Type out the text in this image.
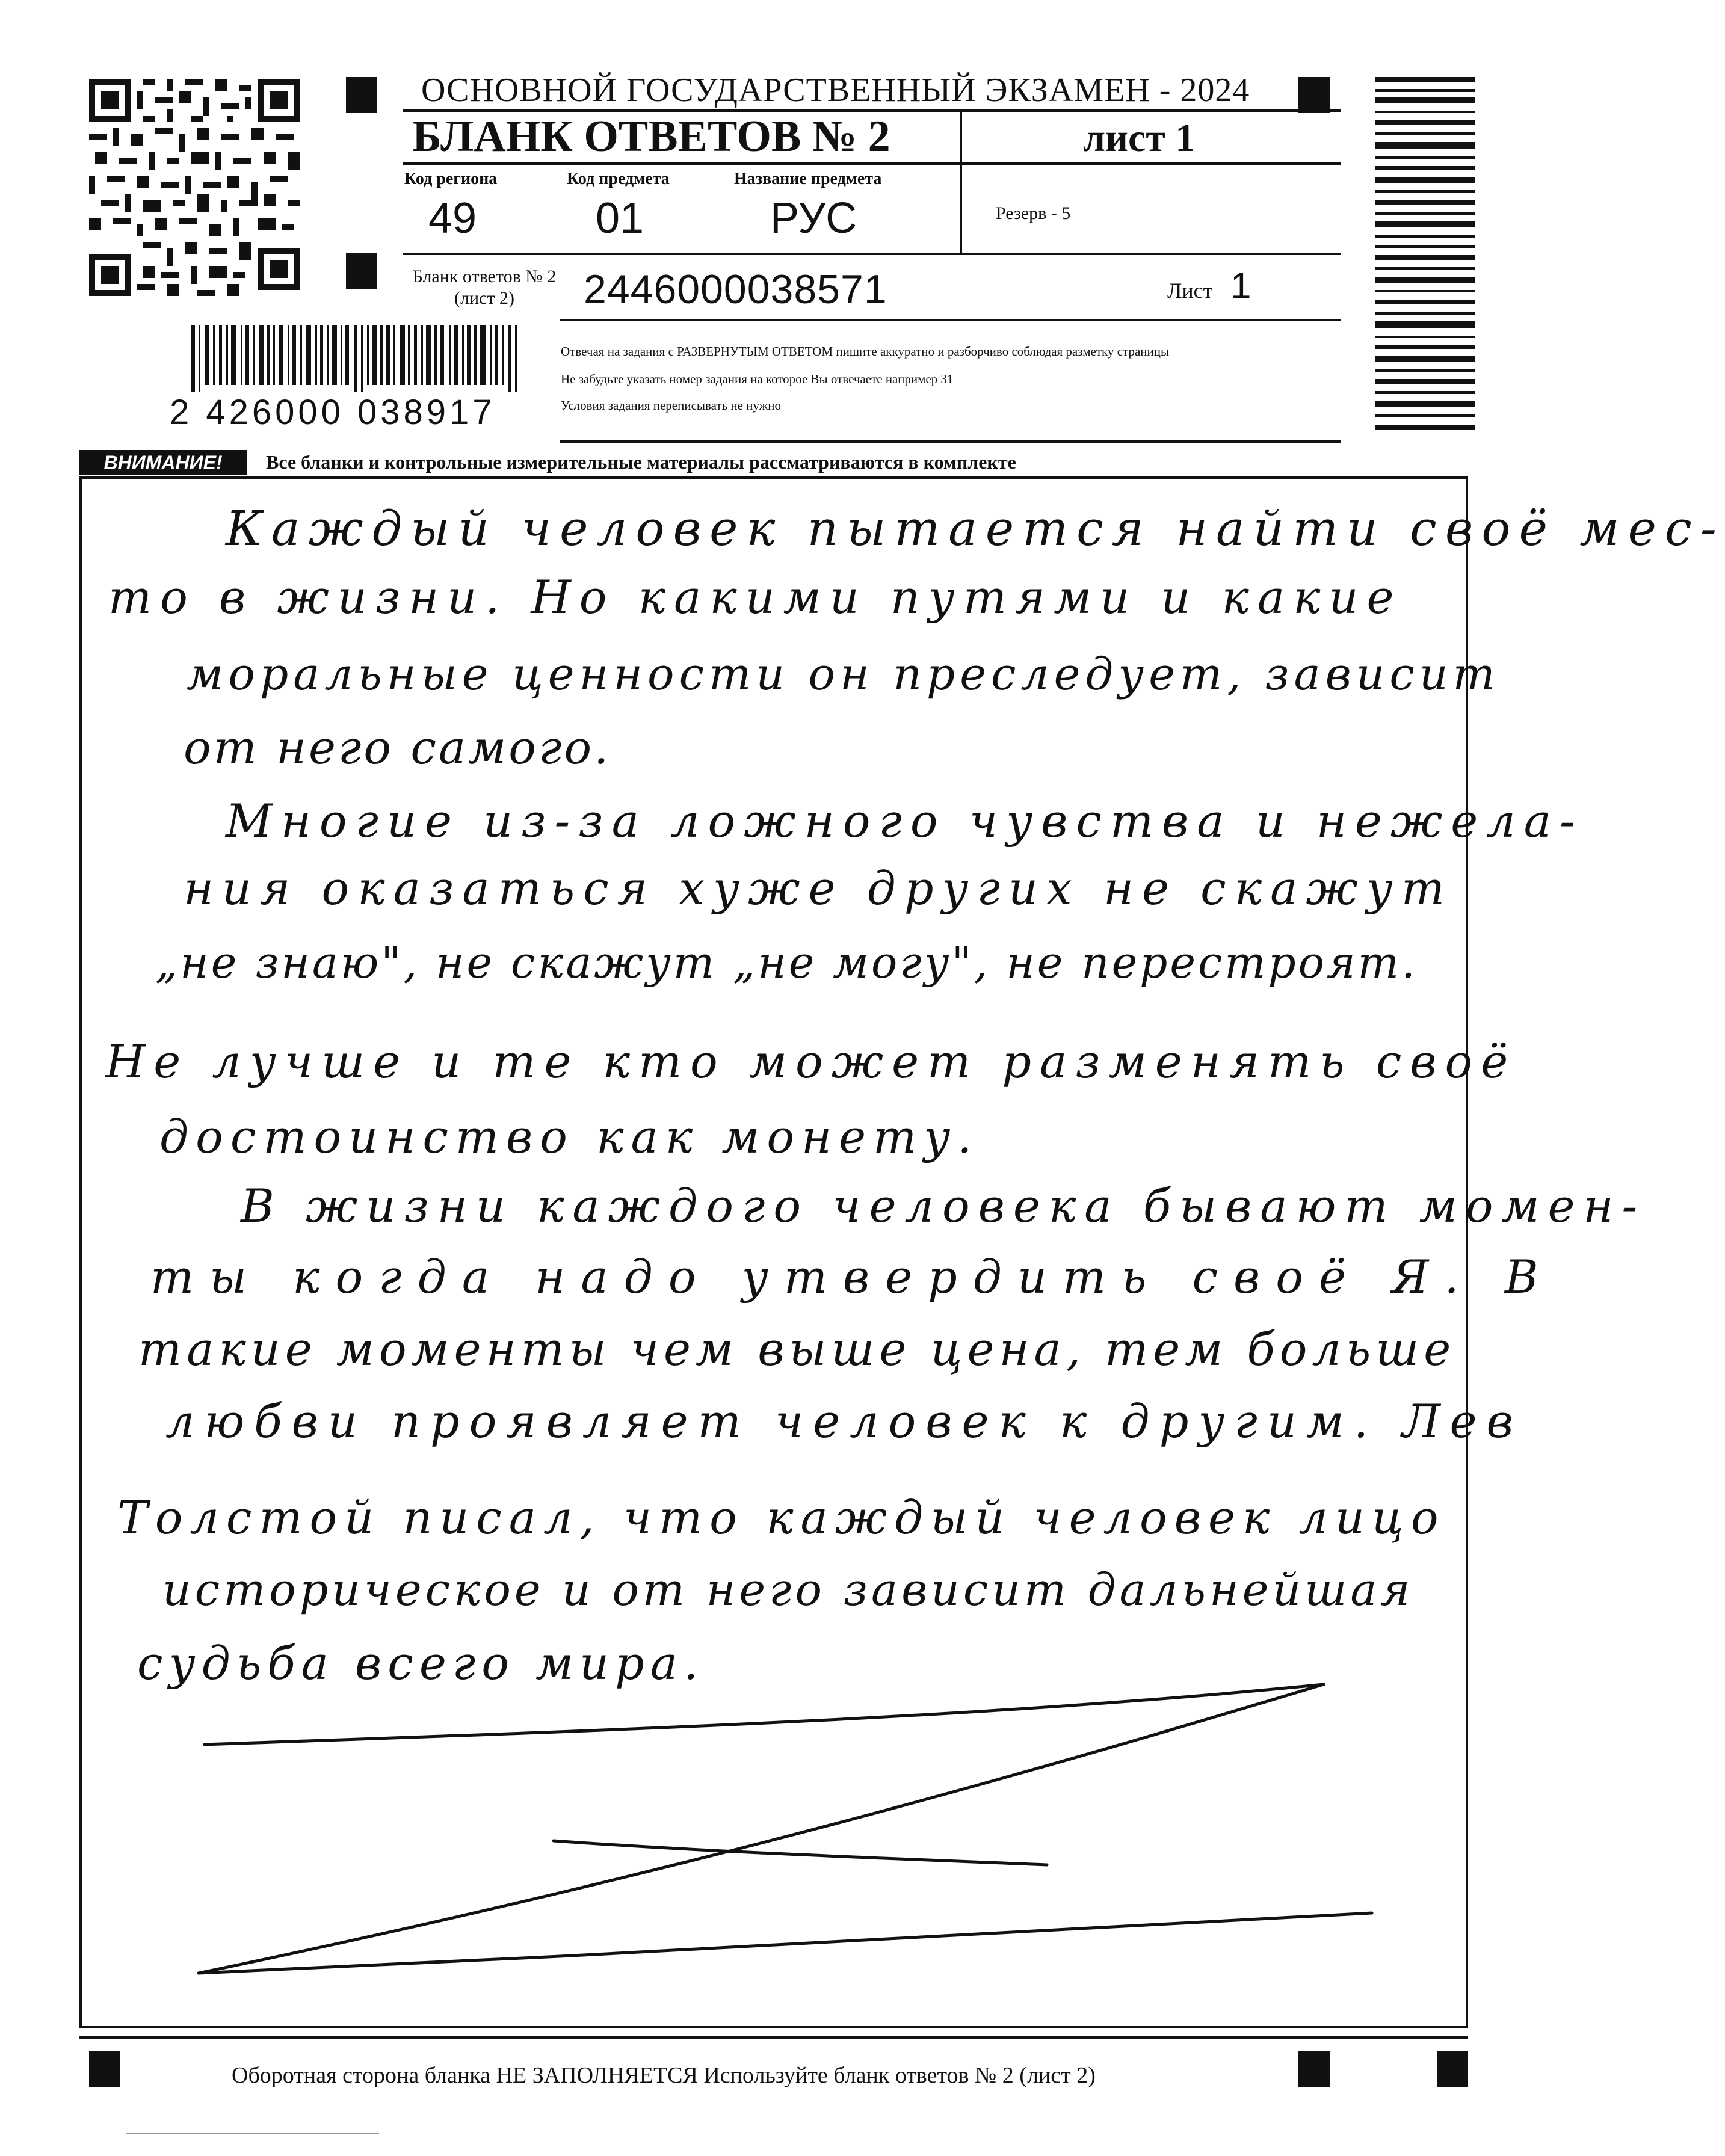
ОСНОВНОЙ ГОСУДАРСТВЕННЫЙ ЭКЗАМЕН - 2024
БЛАНК ОТВЕТОВ № 2	лист 1
Код региона
49
Код предмета
01
Название предмета
РУС	Резерв - 5
Бланк ответов № 2
(лист 2)	2446000038571	Лист 1
2 426000 038917
Отвечая на задания с РАЗВЕРНУТЫМ ОТВЕТОМ пишите аккуратно и разборчиво соблюдая разметку страницы
Не забудьте указать номер задания на которое Вы отвечаете например 31
Условия задания переписывать не нужно
ВНИМАНИЕ!	Все бланки и контрольные измерительные материалы рассматриваются в комплекте
Каждый человек пытается найти своё мес-
то в жизни. Но какими путями и какие
моральные ценности он преследует, зависит
от него самого.
Многие из-за ложного чувства и нежела-
ния оказаться хуже других не скажут
„не знаю", не скажут „не могу", не перестроят.
Не лучше и те кто может разменять своё
достоинство как монету.
В жизни каждого человека бывают момен-
ты когда надо утвердить своё Я. В
такие моменты чем выше цена, тем больше
любви проявляет человек к другим. Лев
Толстой писал, что каждый человек лицо
историческое и от него зависит дальнейшая
судьба всего мира.
Оборотная сторона бланка НЕ ЗАПОЛНЯЕТСЯ Используйте бланк ответов № 2 (лист 2)
